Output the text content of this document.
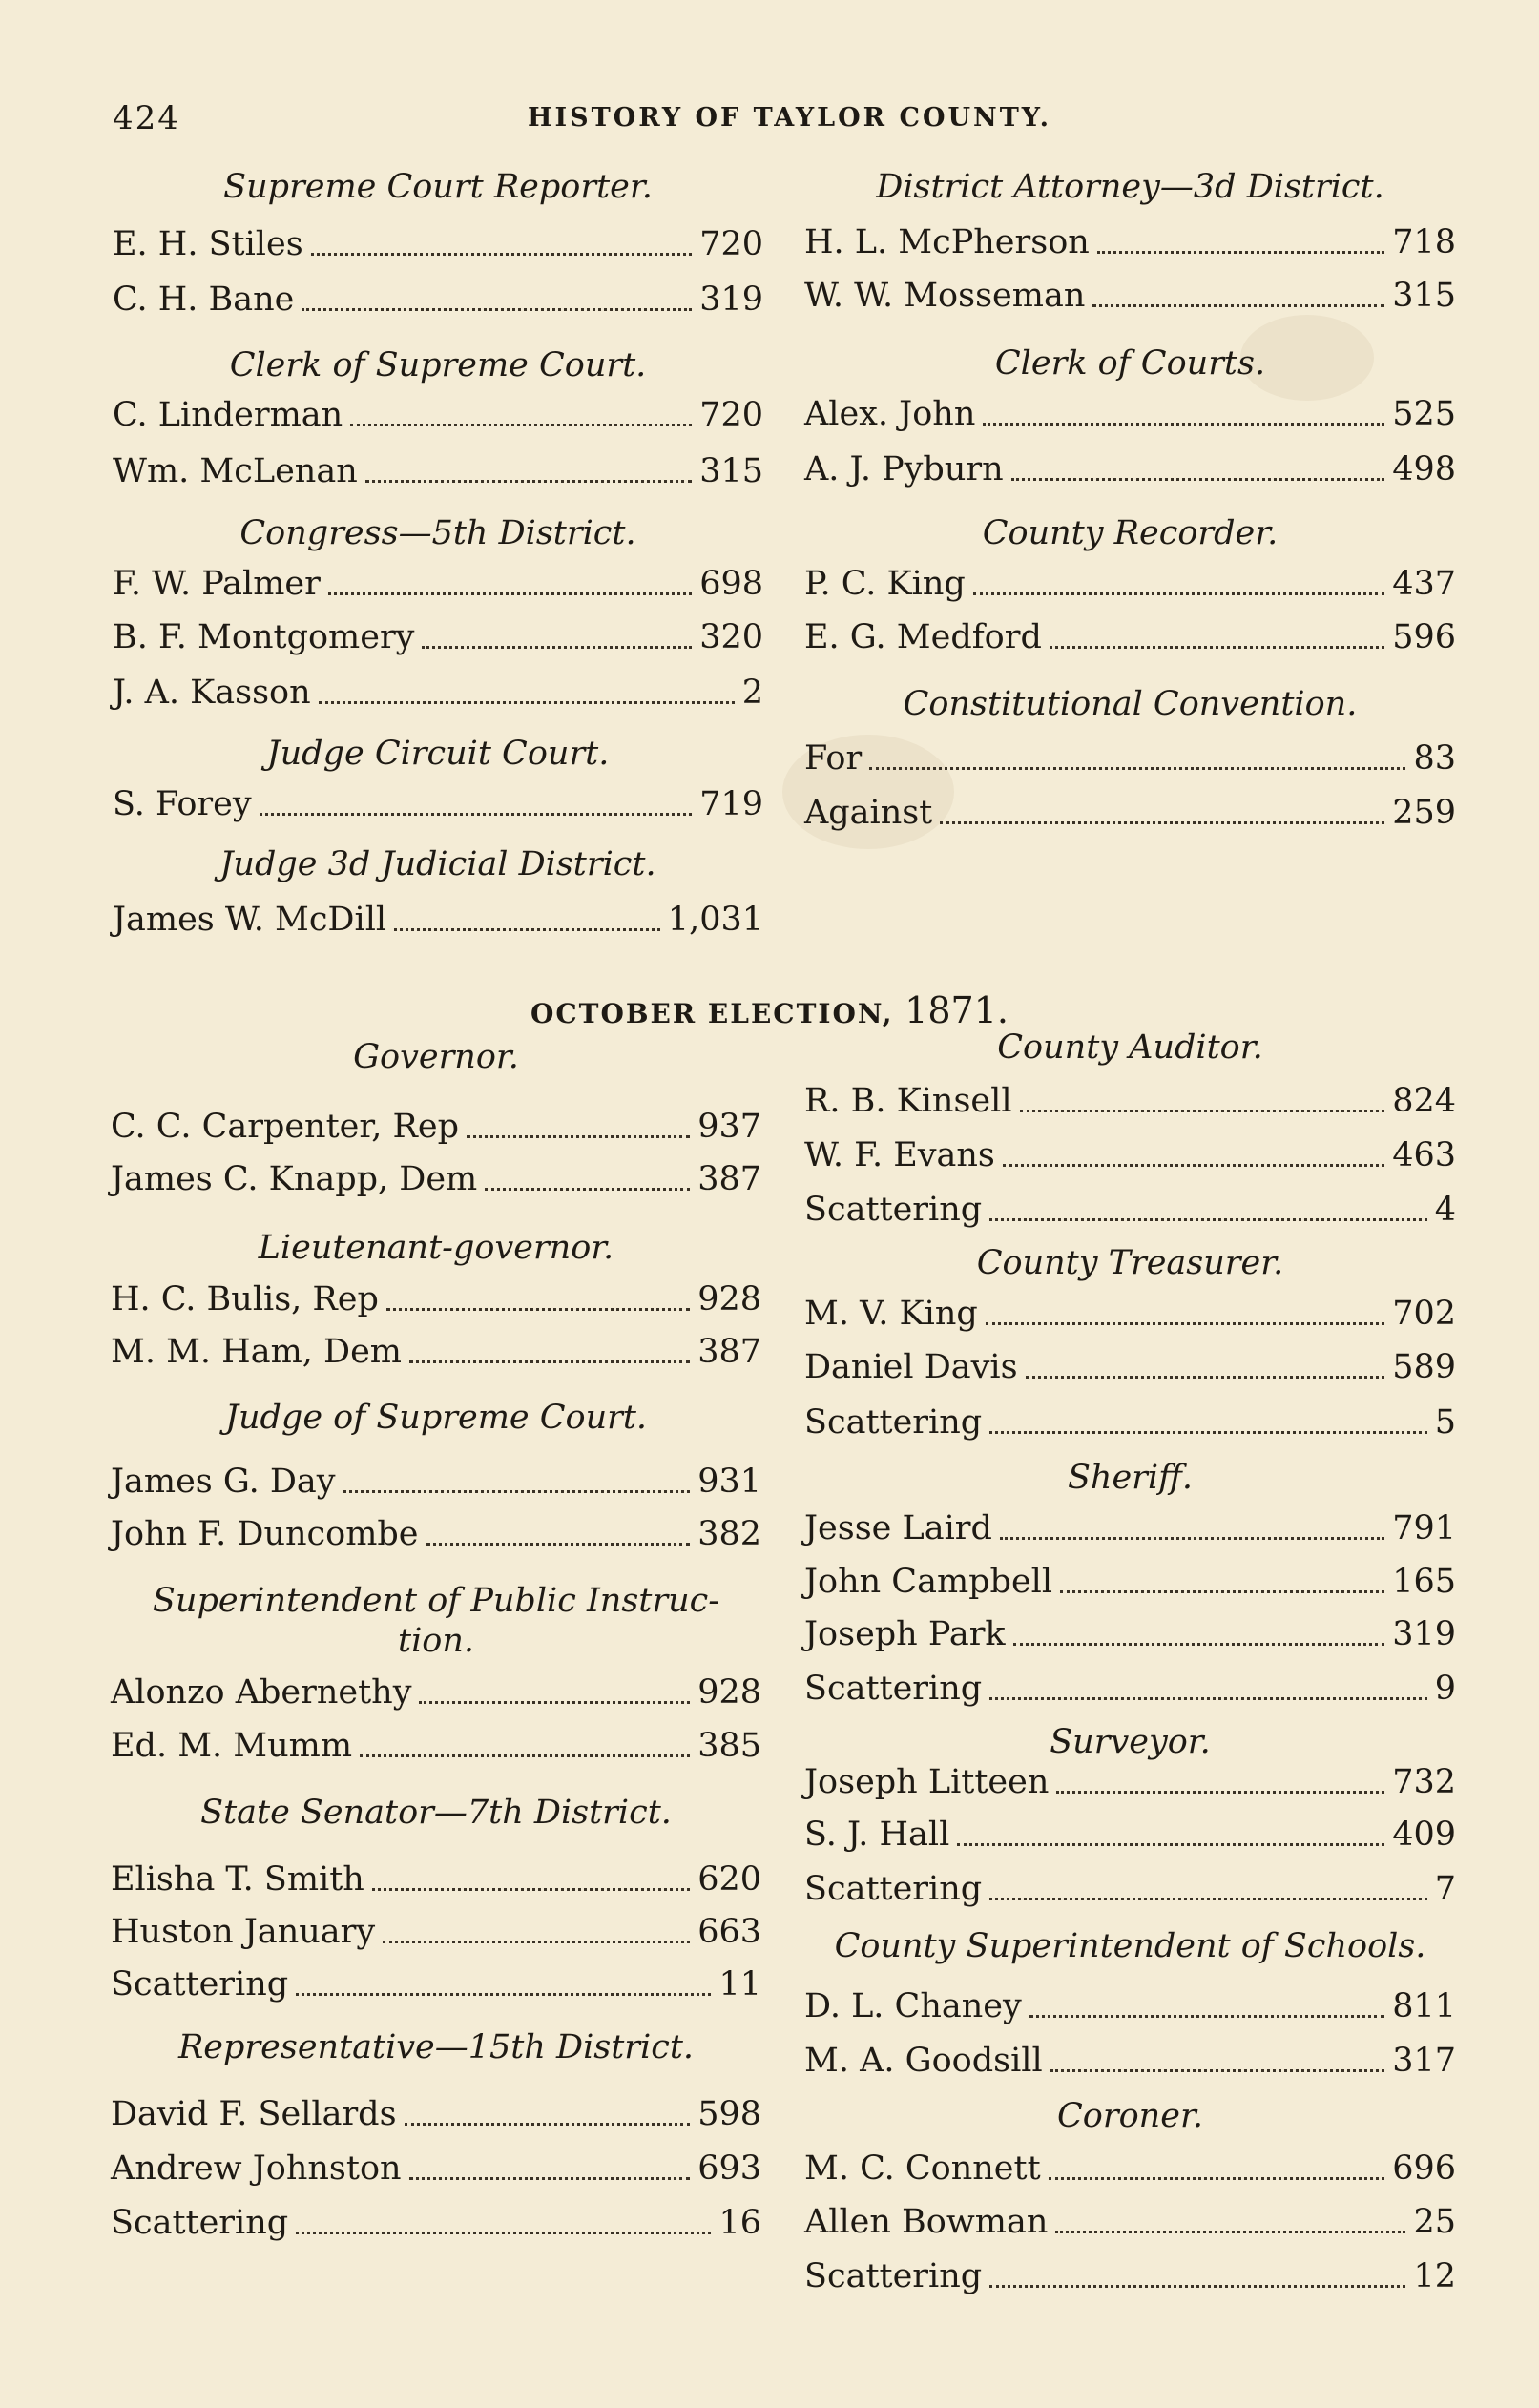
424	HISTORY OF TAYLOR COUNTY.
Supreme Court Reporter.
E. H. Stiles	720
C. H. Bane	319
Clerk of Supreme Court.
C. Linderman	720
Wm. McLenan	315
Congress—5th District.
F. W. Palmer	698
B. F. Montgomery	320
J. A. Kasson	2
Judge Circuit Court.
S. Forey	719
Judge 3d Judicial District.
James W. McDill	1,031
District Attorney—3d District.
H. L. McPherson	718
W. W. Mosseman	315
Clerk of Courts.
Alex. John	525
A. J. Pyburn	498
County Recorder.
P. C. King	437
E. G. Medford	596
Constitutional Convention.
For	83
Against	259
OCTOBER ELECTION, 1871.
Governor.
C. C. Carpenter, Rep	937
James C. Knapp, Dem	387
Lieutenant-governor.
H. C. Bulis, Rep	928
M. M. Ham, Dem	387
Judge of Supreme Court.
James G. Day	931
John F. Duncombe	382
Superintendent of Public Instruc-
tion.
Alonzo Abernethy	928
Ed. M. Mumm	385
State Senator—7th District.
Elisha T. Smith	620
Huston January	663
Scattering	11
Representative—15th District.
David F. Sellards	598
Andrew Johnston	693
Scattering	16
County Auditor.
R. B. Kinsell	824
W. F. Evans	463
Scattering	4
County Treasurer.
M. V. King	702
Daniel Davis	589
Scattering	5
Sheriff.
Jesse Laird	791
John Campbell	165
Joseph Park	319
Scattering	9
Surveyor.
Joseph Litteen	732
S. J. Hall	409
Scattering	7
County Superintendent of Schools.
D. L. Chaney	811
M. A. Goodsill	317
Coroner.
M. C. Connett	696
Allen Bowman	25
Scattering	12
